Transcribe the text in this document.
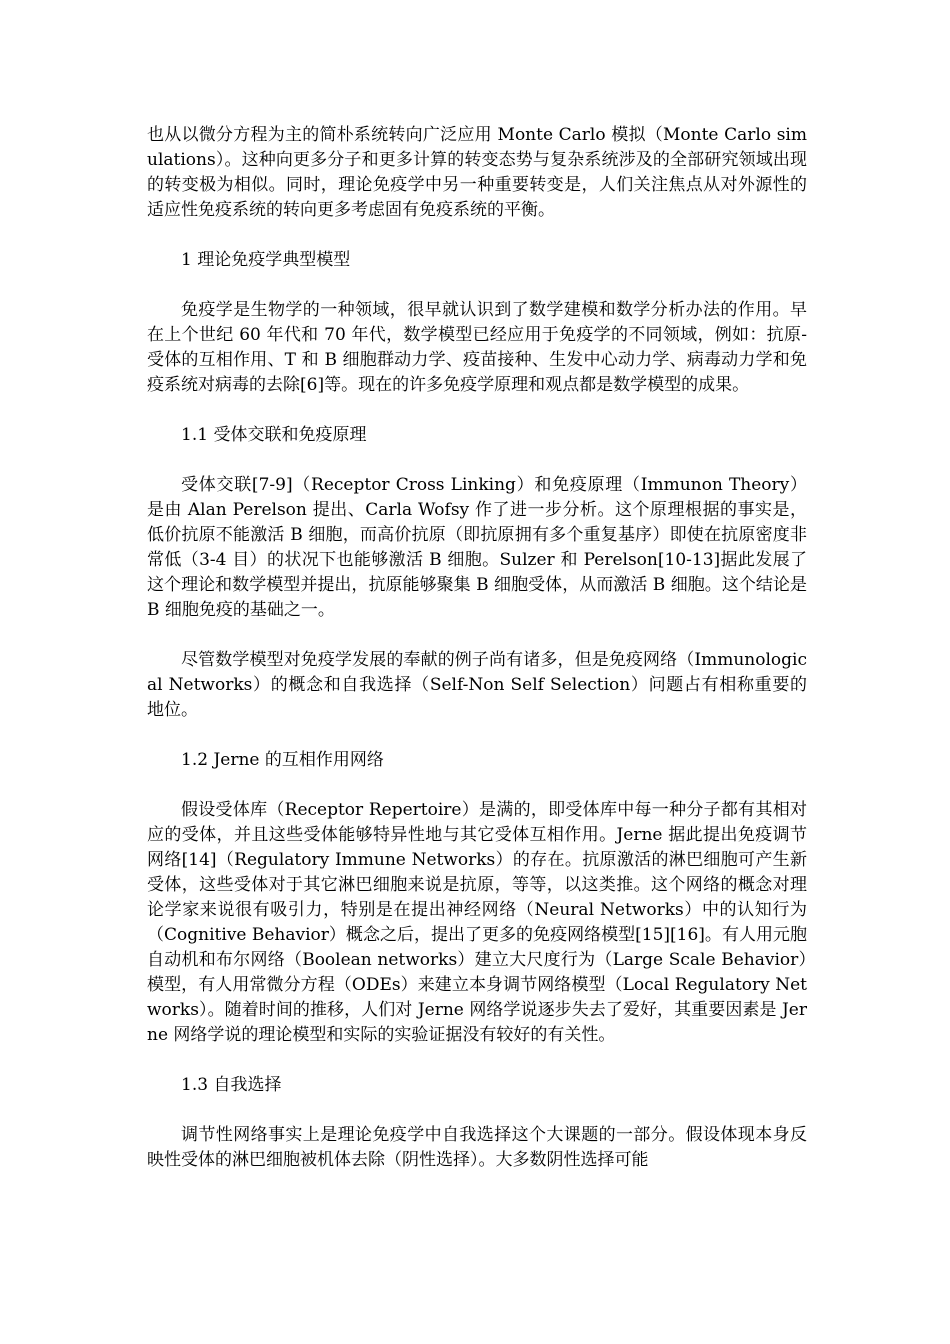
也从以微分方程为主的简朴系统转向广泛应用 Monte Carlo 模拟（Monte Carlo simulations）。这种向更多分子和更多计算的转变态势与复杂系统涉及的全部研究领域出现的转变极为相似。同时，理论免疫学中另一种重要转变是，人们关注焦点从对外源性的适应性免疫系统的转向更多考虑固有免疫系统的平衡。

1 理论免疫学典型模型

免疫学是生物学的一种领域，很早就认识到了数学建模和数学分析办法的作用。早在上个世纪 60 年代和 70 年代，数学模型已经应用于免疫学的不同领域，例如：抗原-受体的互相作用、T 和 B 细胞群动力学、疫苗接种、生发中心动力学、病毒动力学和免疫系统对病毒的去除[6]等。现在的许多免疫学原理和观点都是数学模型的成果。

1.1 受体交联和免疫原理

受体交联[7-9]（Receptor Cross Linking）和免疫原理（Immunon Theory）是由 Alan Perelson 提出、Carla Wofsy 作了进一步分析。这个原理根据的事实是，低价抗原不能激活 B 细胞，而高价抗原（即抗原拥有多个重复基序）即使在抗原密度非常低（3-4 目）的状况下也能够激活 B 细胞。Sulzer 和 Perelson[10-13]据此发展了这个理论和数学模型并提出，抗原能够聚集 B 细胞受体，从而激活 B 细胞。这个结论是 B 细胞免疫的基础之一。

尽管数学模型对免疫学发展的奉献的例子尚有诸多，但是免疫网络（Immunological Networks）的概念和自我选择（Self-Non Self Selection）问题占有相称重要的地位。

1.2 Jerne 的互相作用网络

假设受体库（Receptor Repertoire）是满的，即受体库中每一种分子都有其相对应的受体，并且这些受体能够特异性地与其它受体互相作用。Jerne 据此提出免疫调节网络[14]（Regulatory Immune Networks）的存在。抗原激活的淋巴细胞可产生新受体，这些受体对于其它淋巴细胞来说是抗原，等等，以这类推。这个网络的概念对理论学家来说很有吸引力，特别是在提出神经网络（Neural Networks）中的认知行为（Cognitive Behavior）概念之后，提出了更多的免疫网络模型[15][16]。有人用元胞自动机和布尔网络（Boolean networks）建立大尺度行为（Large Scale Behavior）模型，有人用常微分方程（ODEs）来建立本身调节网络模型（Local Regulatory Networks）。随着时间的推移，人们对 Jerne 网络学说逐步失去了爱好，其重要因素是 Jerne 网络学说的理论模型和实际的实验证据没有较好的有关性。

1.3 自我选择

调节性网络事实上是理论免疫学中自我选择这个大课题的一部分。假设体现本身反映性受体的淋巴细胞被机体去除（阴性选择）。大多数阴性选择可能
